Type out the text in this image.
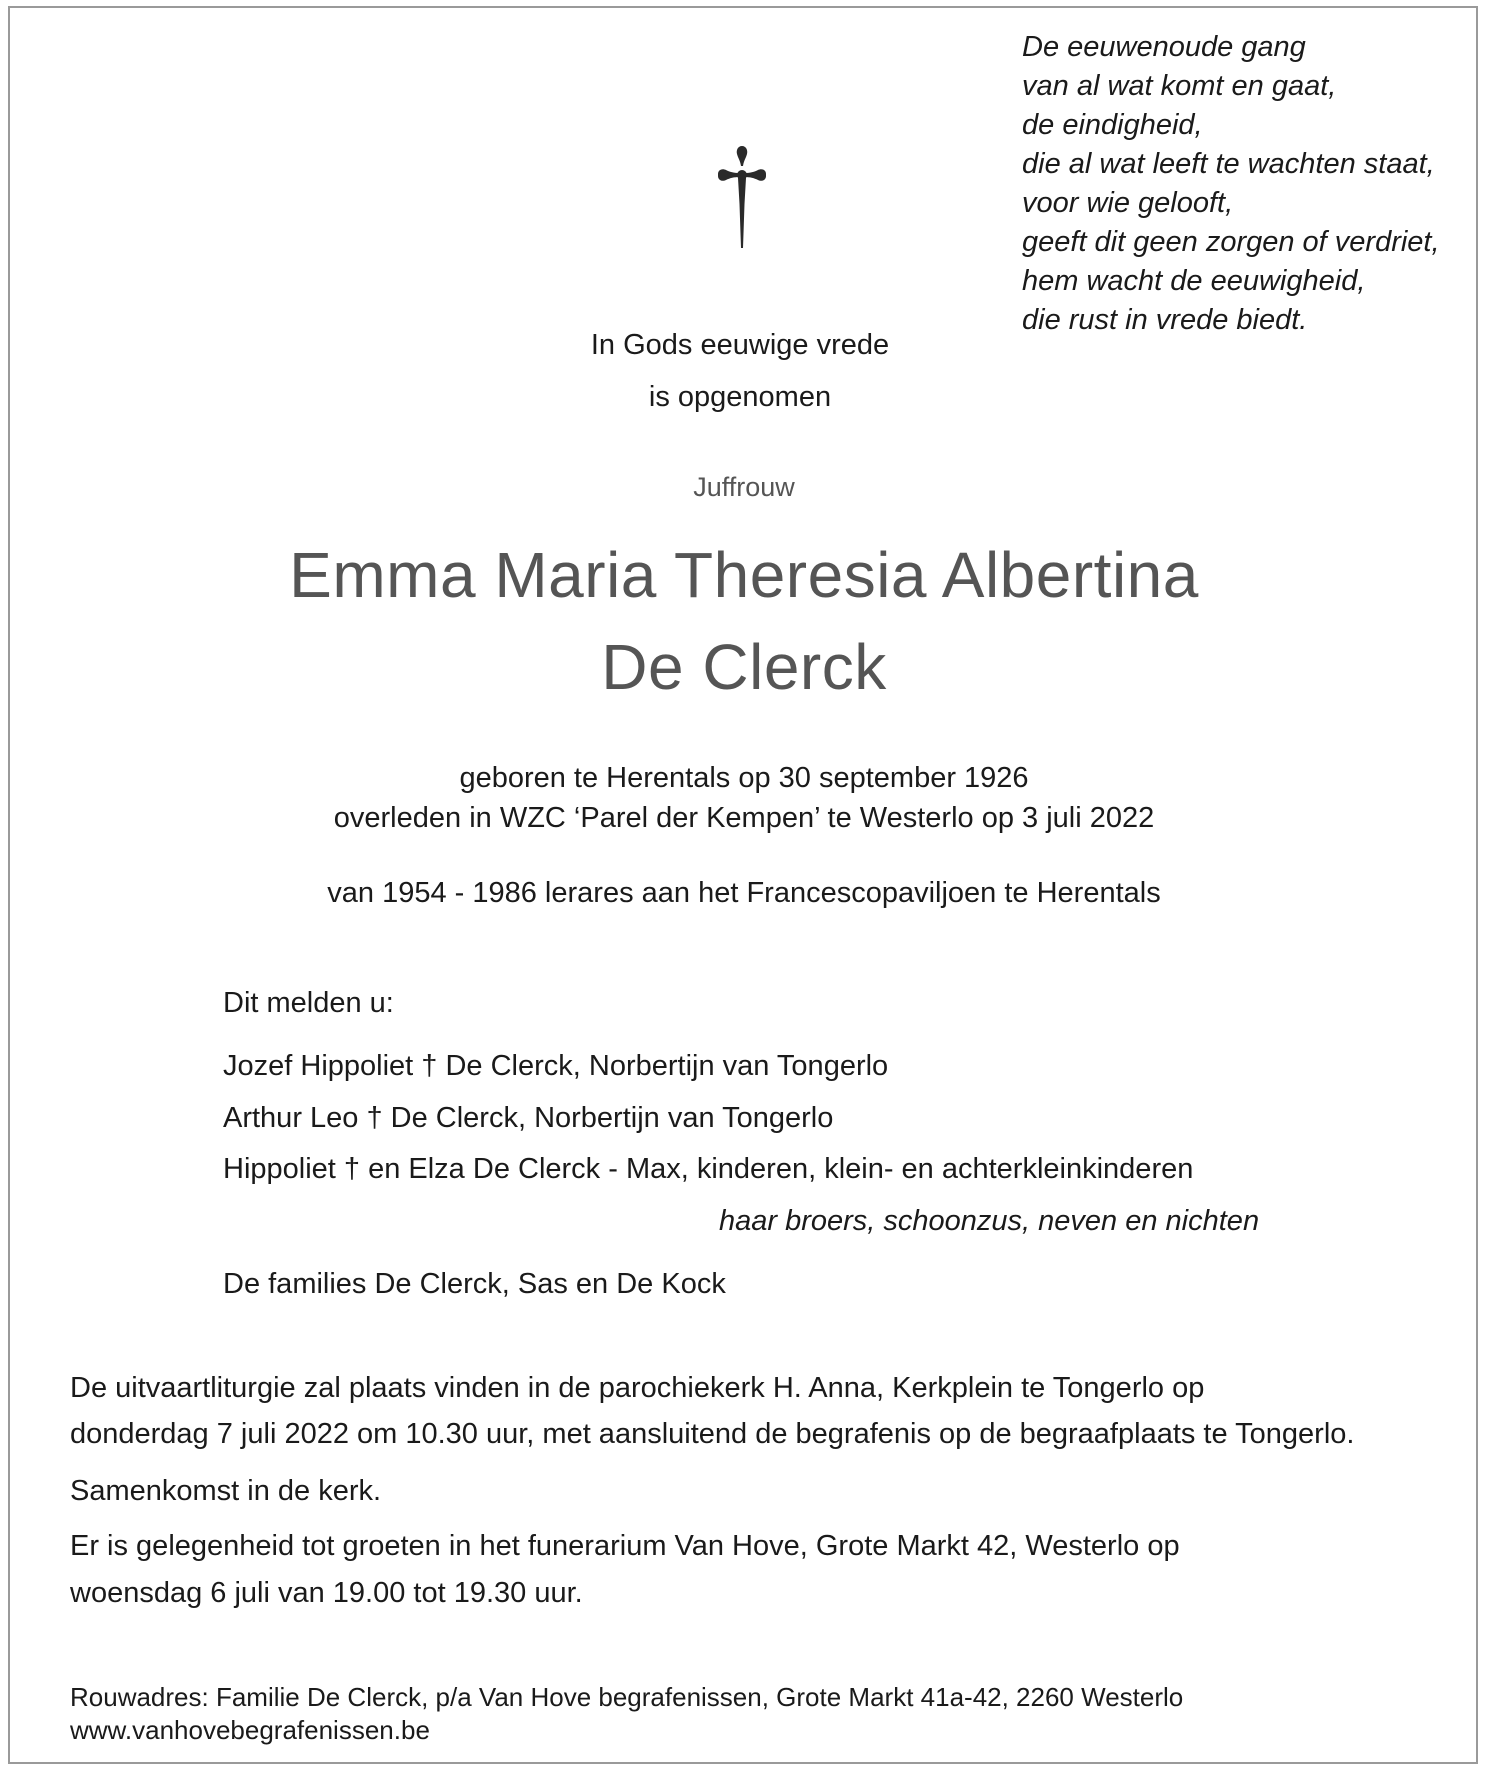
De eeuwenoude gang
van al wat komt en gaat,
de eindigheid,
die al wat leeft te wachten staat,
voor wie gelooft,
geeft dit geen zorgen of verdriet,
hem wacht de eeuwigheid,
die rust in vrede biedt.
In Gods eeuwige vrede
is opgenomen
Juffrouw
Emma Maria Theresia Albertina
De Clerck
geboren te Herentals op 30 september 1926
overleden in WZC ‘Parel der Kempen’ te Westerlo op 3 juli 2022
van 1954 - 1986 lerares aan het Francescopaviljoen te Herentals
Dit melden u:
Jozef Hippoliet † De Clerck, Norbertijn van Tongerlo
Arthur Leo † De Clerck, Norbertijn van Tongerlo
Hippoliet † en Elza De Clerck - Max, kinderen, klein- en achterkleinkinderen
haar broers, schoonzus, neven en nichten
De families De Clerck, Sas en De Kock
De uitvaartliturgie zal plaats vinden in de parochiekerk H. Anna, Kerkplein te Tongerlo op
donderdag 7 juli 2022 om 10.30 uur, met aansluitend de begrafenis op de begraafplaats te Tongerlo.
Samenkomst in de kerk.
Er is gelegenheid tot groeten in het funerarium Van Hove, Grote Markt 42, Westerlo op
woensdag 6 juli van 19.00 tot 19.30 uur.
Rouwadres: Familie De Clerck, p/a Van Hove begrafenissen, Grote Markt 41a-42, 2260 Westerlo
www.vanhovebegrafenissen.be
